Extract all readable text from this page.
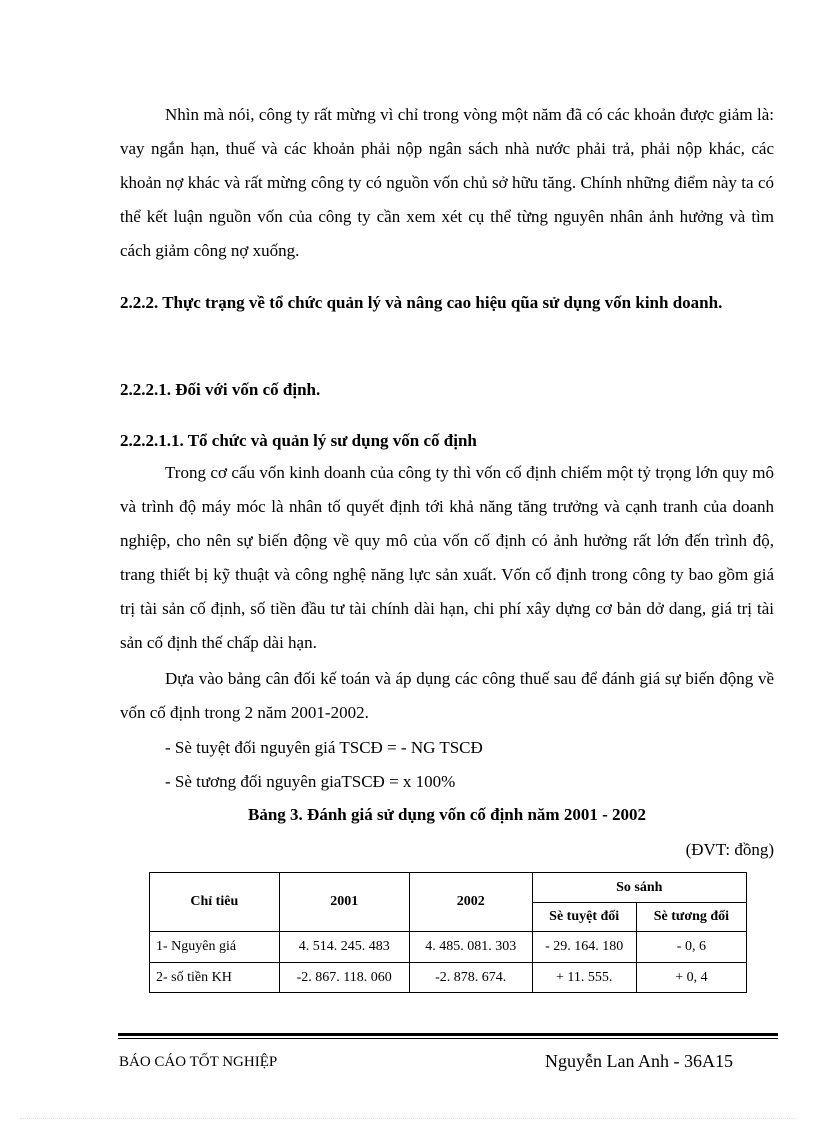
Nhìn mà nói, công ty rất mừng vì chỉ trong vòng một năm đã có các khoản được giảm là: vay ngắn hạn, thuế và các khoản phải nộp ngân sách nhà nước phải trả, phải nộp khác, các khoản nợ khác và rất mừng công ty có nguồn vốn chủ sở hữu tăng. Chính những điểm này ta có thể kết luận nguồn vốn của công ty cần xem xét cụ thể từng nguyên nhân ảnh hưởng và tìm cách giảm công nợ xuống.

2.2.2. Thực trạng về tổ chức quản lý và nâng cao hiệu qũa sử dụng vốn kinh doanh.

2.2.2.1. Đối với vốn cố định.

2.2.2.1.1. Tổ chức và quản lý sư dụng vốn cố định

Trong cơ cấu vốn kinh doanh của công ty thì vốn cố định chiếm một tỷ trọng lớn quy mô và trình độ máy móc là nhân tố quyết định tới khả năng tăng trưởng và cạnh tranh của doanh nghiệp, cho nên sự biến động về quy mô của vốn cố định có ảnh hưởng rất lớn đến trình độ, trang thiết bị kỹ thuật và công nghệ năng lực sản xuất. Vốn cố định trong công ty bao gồm giá trị tài sản cố định, số tiền đầu tư tài chính dài hạn, chi phí xây dựng cơ bản dở dang, giá trị tài sản cố định thế chấp dài hạn.

Dựa vào bảng cân đối kế toán và áp dụng các công thuế sau để đánh giá sự biến động về vốn cố định trong 2 năm 2001-2002.

- Sè tuyệt đối nguyên giá TSCĐ = - NG TSCĐ

- Sè tương đối nguyên giaTSCĐ = x 100%

Bảng 3. Đánh giá sử dụng vốn cố định năm 2001 - 2002

(ĐVT: đồng)

Chỉ tiêu	2001	2002	So sánh	
			Sè tuyệt đối	Sè tương đối
1- Nguyên giá	4. 514. 245. 483	4. 485. 081. 303	- 29. 164. 180	- 0, 6
2- số tiền KH	-2. 867. 118. 060	-2. 878. 674.	+ 11. 555.	+ 0, 4

BÁO CÁO TỐT NGHIỆP	Nguyễn Lan Anh - 36A15
